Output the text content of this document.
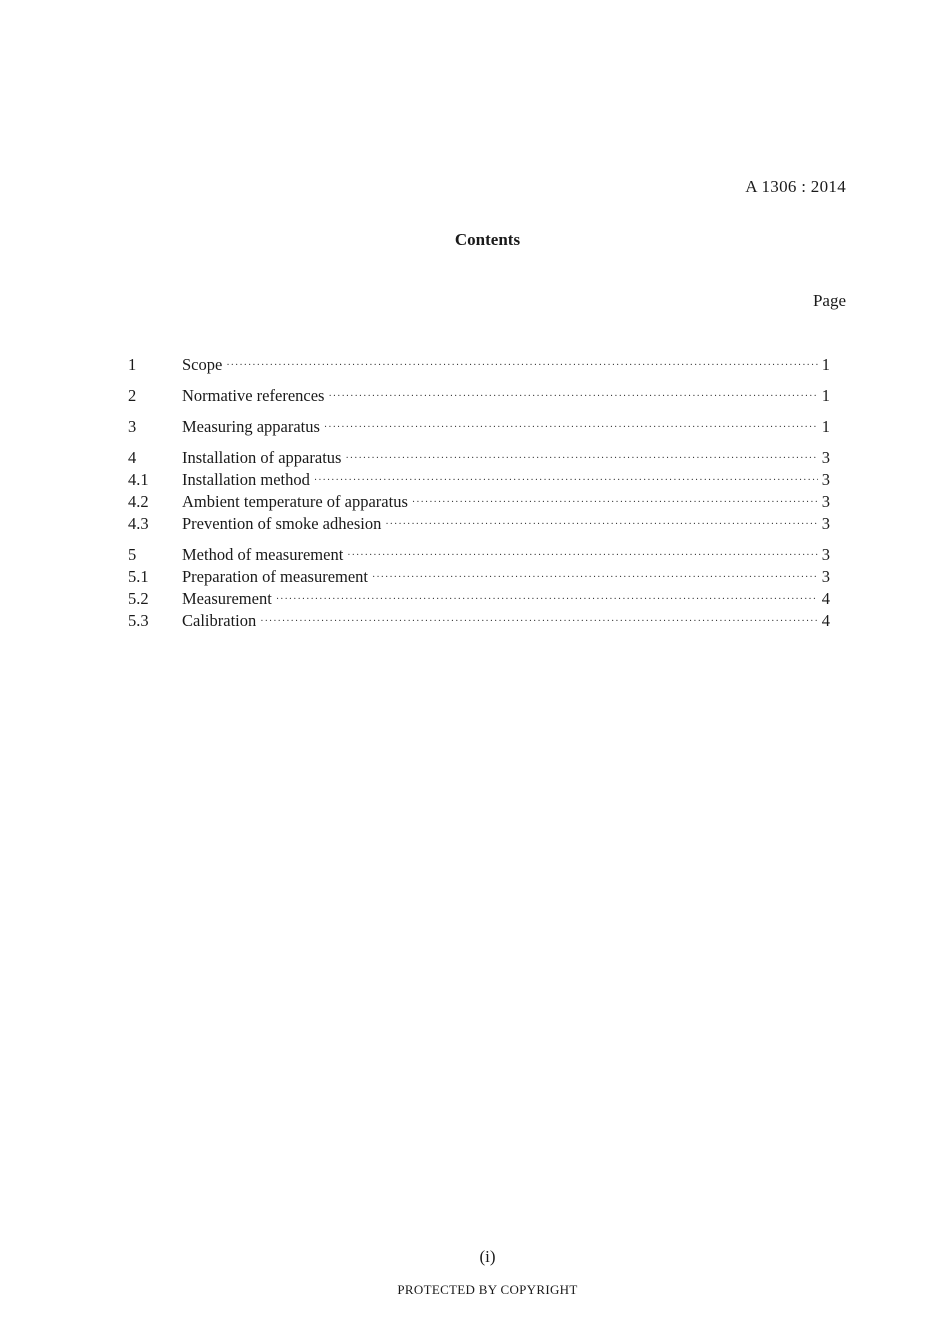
A 1306 : 2014
Contents
Page
1	Scope ·····	1
2	Normative references ·····	1
3	Measuring apparatus ·····	1
4	Installation of apparatus ·····	3
4.1	Installation method ·····	3
4.2	Ambient temperature of apparatus ·····	3
4.3	Prevention of smoke adhesion ·····	3
5	Method of measurement ·····	3
5.1	Preparation of measurement ·····	3
5.2	Measurement ·····	4
5.3	Calibration ·····	4
(i)
PROTECTED BY COPYRIGHT
